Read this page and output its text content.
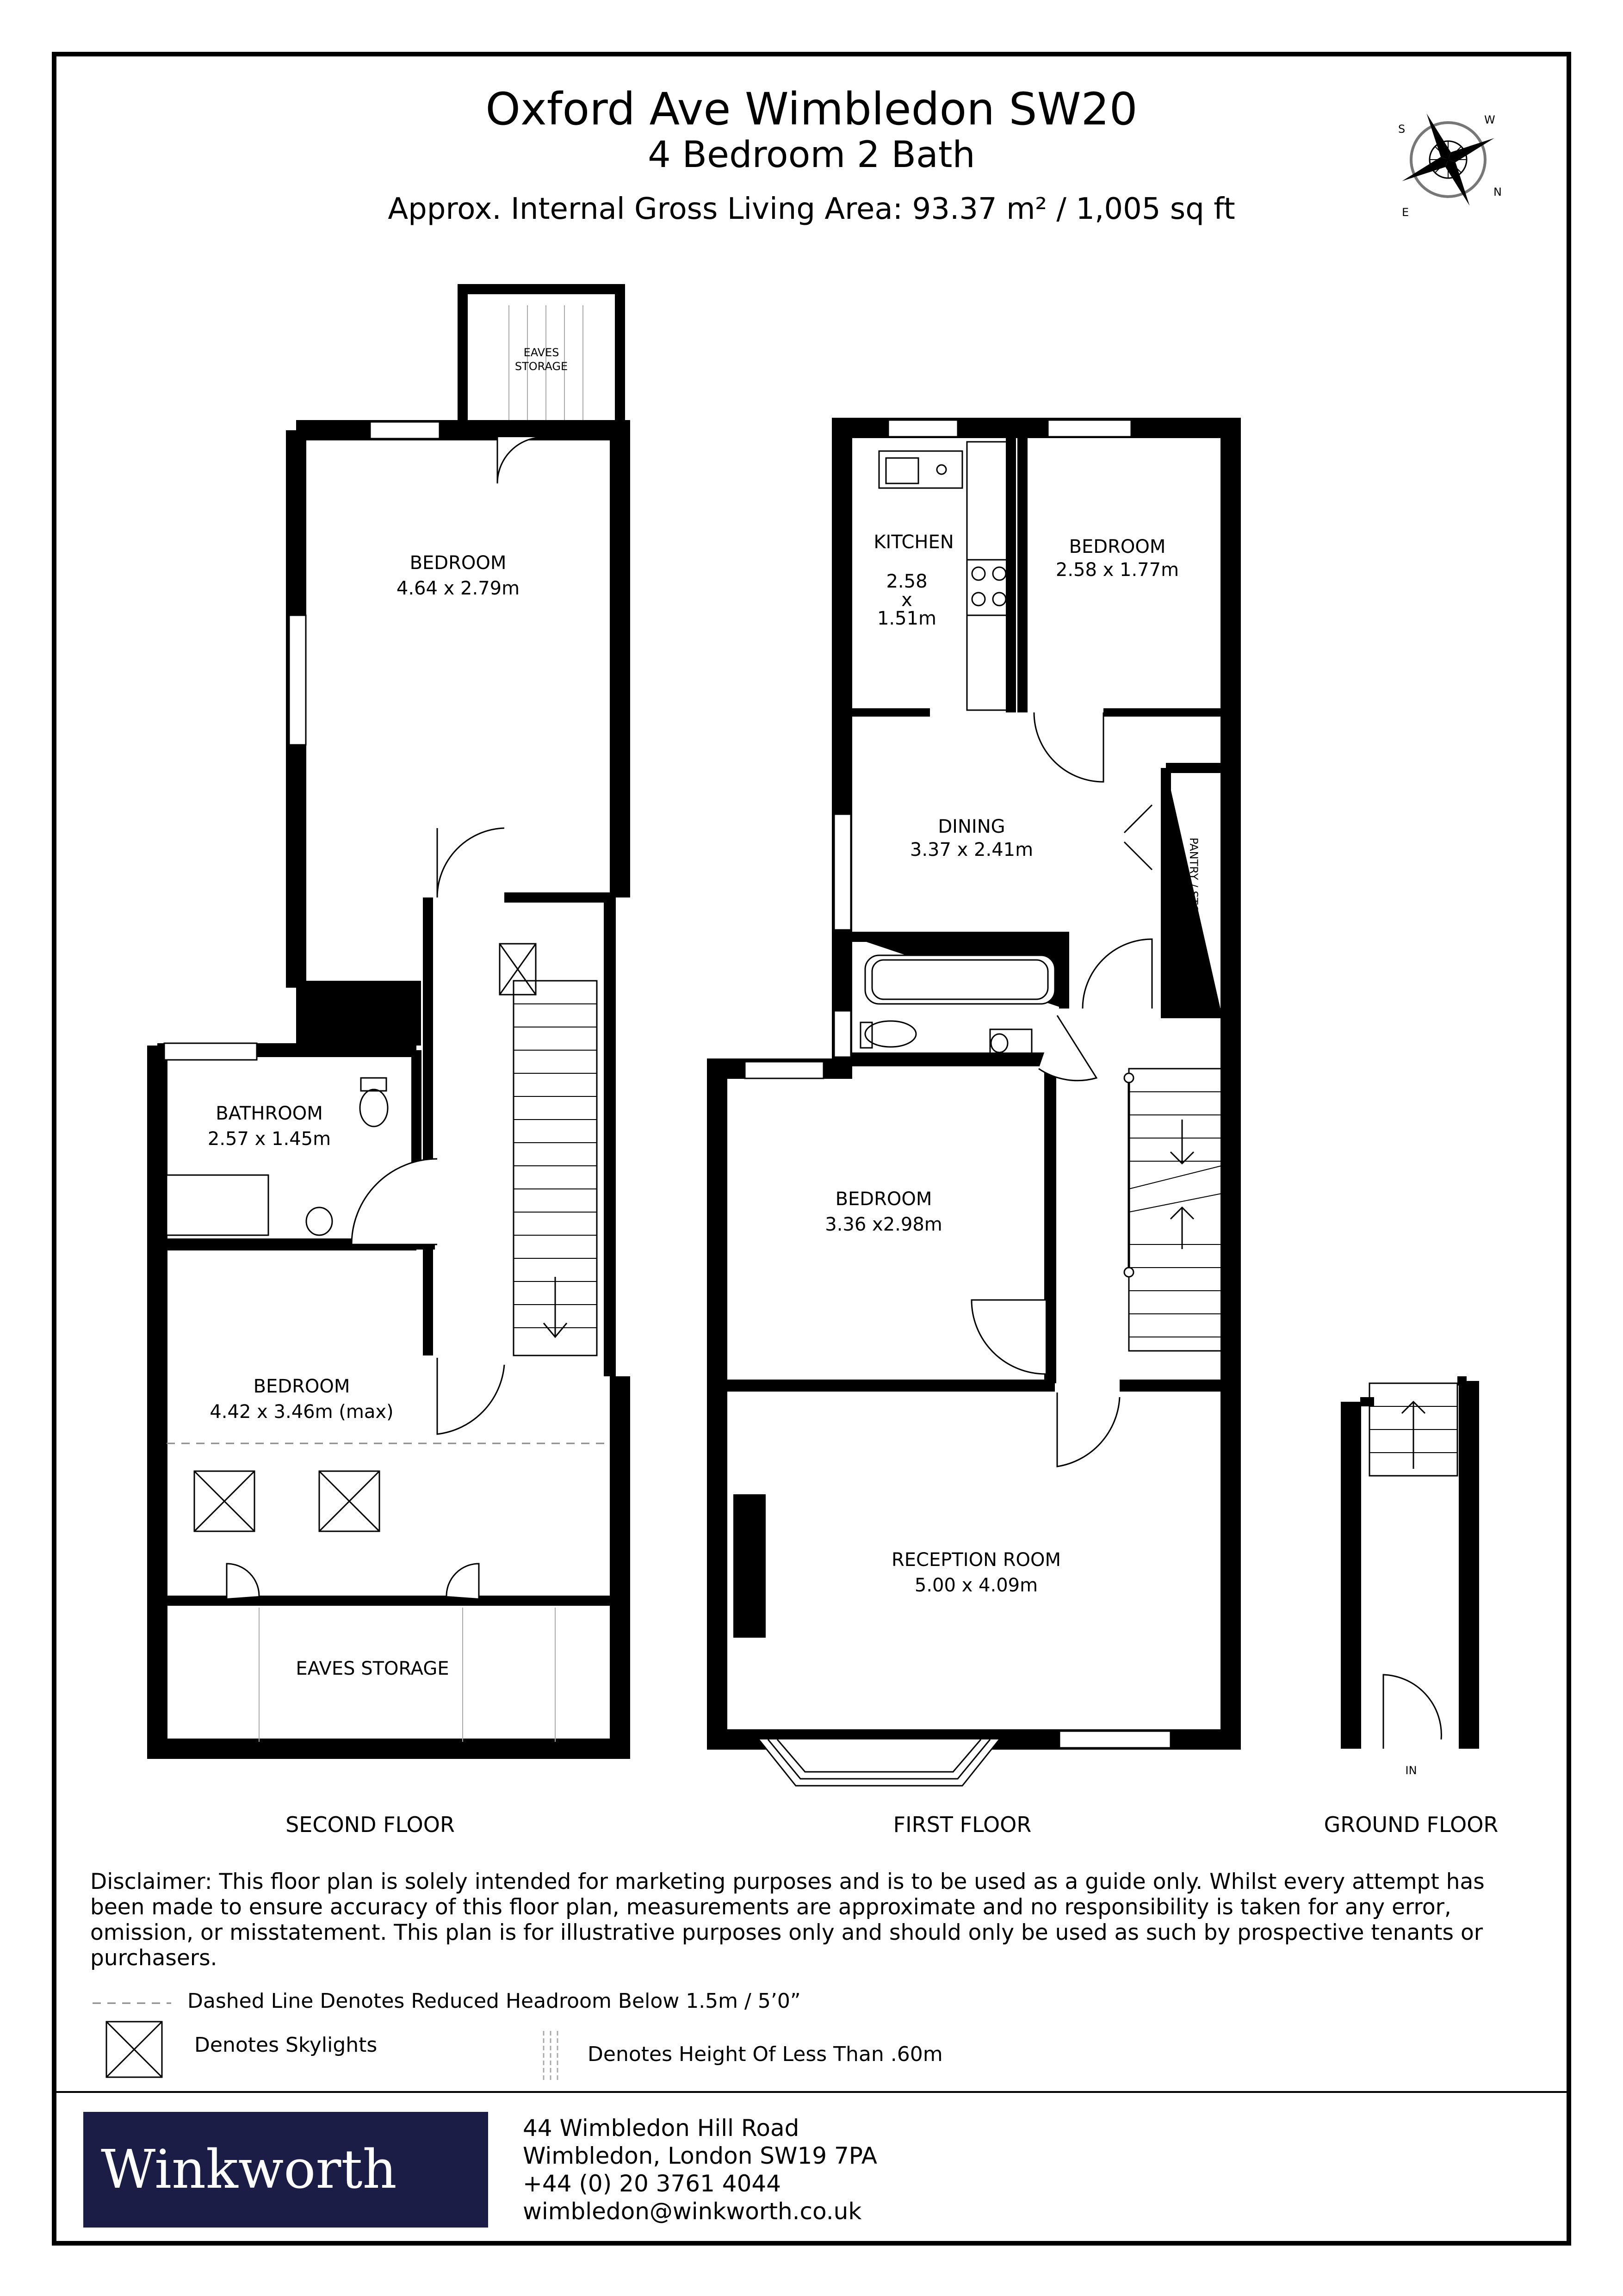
Oxford Ave Wimbledon SW20
4 Bedroom 2 Bath
Approx. Internal Gross Living Area: 93.37 m² / 1,005 sq ft
S
W
N
E
EAVES
STORAGE
BEDROOM
4.64 x 2.79m
BATHROOM
2.57 x 1.45m
BEDROOM
4.42 x 3.46m (max)
EAVES STORAGE
SECOND FLOOR
KITCHEN
2.58
x
1.51m
BEDROOM
2.58 x 1.77m
DINING
3.37 x 2.41m	PANTRY / STORAGE
BEDROOM
3.36 x2.98m
RECEPTION ROOM
5.00 x 4.09m
FIRST FLOOR
IN
GROUND FLOOR
Disclaimer: This floor plan is solely intended for marketing purposes and is to be used as a guide only. Whilst every attempt has been made to ensure accuracy of this floor plan, measurements are approximate and no responsibility is taken for any error, omission, or misstatement. This plan is for illustrative purposes only and should only be used as such by prospective tenants or purchasers.
Dashed Line Denotes Reduced Headroom Below 1.5m / 5’0”
Denotes Skylights	Denotes Height Of Less Than .60m
Winkworth
44 Wimbledon Hill Road
Wimbledon, London SW19 7PA
+44 (0) 20 3761 4044
wimbledon@winkworth.co.uk
